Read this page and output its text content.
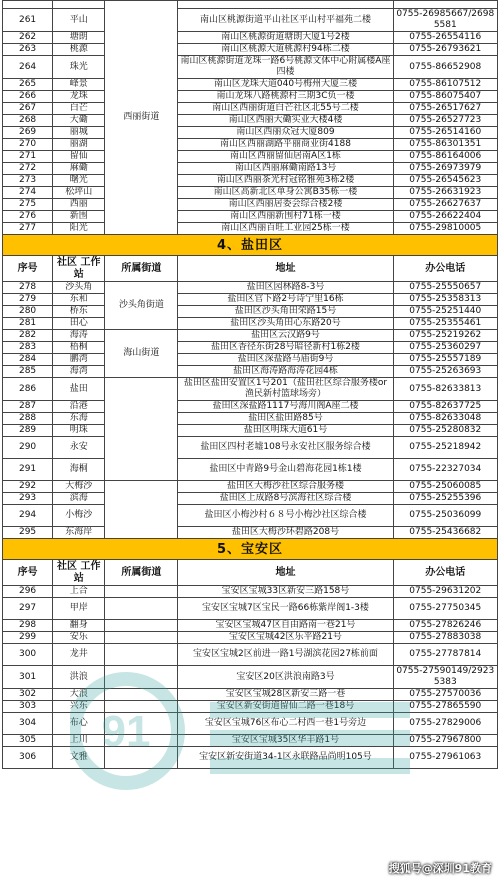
		西丽街道		
261	平山		南山区桃源街道平山社区平山村平福苑二楼	0755-26985667/26985581
262	塘朗		南山区桃源街道塘朗大厦1号2楼	0755-26554116
263	桃源		南山区桃源大道桃源村94栋二楼	0755-26793621
264	珠光		南山区桃源街道龙珠一路6号桃源文体中心附属楼A座四楼	0755-86652908
265	峰景		南山区龙珠大道040号梅州大厦三楼	0755-86107512
266	龙珠		南山龙珠八路桃源村三期3C负一楼	0755-86075407
267	白芒		南山区西丽街道白芒社区北55号二楼	0755-26517627
268	大磡		南山区西丽大磡实业大楼4楼	0755-26527723
269	丽城		南山区西丽众冠大厦809	0755-26514160
270	丽湖		南山区西丽湖路平丽商业街4188	0755-86301351
271	留仙		南山区西丽留仙居南A区1栋	0755-86164006
272	麻磡		南山区西丽麻磡南路13号	0755-26973979
273	曙光		南山区西丽茶光村冠铭雅苑3栋2楼	0755-26545623
274	松坪山		南山区高新北区单身公寓B35栋一楼	0755-26631923
275	西丽		南山区西丽居委会综合楼2楼	0755-26627637
276	新围		南山区西丽新围村71栋一楼	0755-26622404
277	阳光		南山区西丽百旺工业园25栋一楼	0755-29810005
4、盐田区				
序号	社区 工作站	所属街道	地址	办公电话
278	沙头角	沙头角街道	盐田区园林路8-3号	0755-25550657
279	东和		盐田区官下路2号诗宁里16栋	0755-25358313
280	桥东		盐田区沙头角田荣路15号	0755-25251440
281	田心		盐田区沙头角田心东路20号	0755-25355461
282	海涛	海山街道	盐田区云汉路9号	0755-25219262
283	梧桐		盐田区香径东街28号暗径新村1栋2楼	0755-25360297
284	鹏湾		盐田区深盐路马庙街9号	0755-25557189
285	海湾		盐田区海涛路海涛花园4栋	0755-25263693
286	盐田		盐田区盐田安置区1号201（盐田社区综合服务楼or渔民新村篮球场旁）	0755-82633813
287	沿港		盐田区深盐路1117号海川阁A座二楼	0755-82637725
288	东海		盐田区盐田路85号	0755-82633048
289	明珠		盐田区明珠大道61号	0755-25280832
290	永安		盐田区四村老墟108号永安社区服务综合楼	0755-25218942
291	海桐		盐田区中青路9号金山碧海花园1栋1楼	0755-22327034
292	大梅沙		盐田区大梅沙社区综合服务楼	0755-25060085
293	滨海		盐田区上成路8号滨海社区综合楼	0755-25255396
294	小梅沙		盐田区小梅沙村６８号小梅沙社区综合楼	0755-25036099
295	东海岸		盐田区大梅沙环碧路208号	0755-25436682
5、宝安区				
序号	社区 工作站	所属街道	地址	办公电话
296	上合		宝安区宝城33区新安三路158号	0755-29631202
297	甲岸		宝安区宝城7区宝民一路66栋紫岸阁1-3楼	0755-27750345
298	翻身		宝安区宝城47区自由路南一巷21号	0755-27826246
299	安乐		宝安区宝城42区乐平路21号	0755-27883038
300	龙井		宝安区宝城2区前进一路1号湖滨花园27栋前面	0755-27787814
301	洪浪		宝安区20区洪浪南路3号	0755-27590149/29235383
302	大浪		宝安区宝城28区新安三路一巷	0755-27570036
303	兴东		宝安区新安街道留仙二路一巷18号	0755-27865590
304	布心		宝安区宝城76区布心二村西一巷1号旁边	0755-27829006
305	上川		宝安区宝城35区华丰路1号	0755-27967800
306	文雅		宝安区新安街道34-1区永联路品尚明105号	0755-27961063
91
搜狐号@深圳91教育
